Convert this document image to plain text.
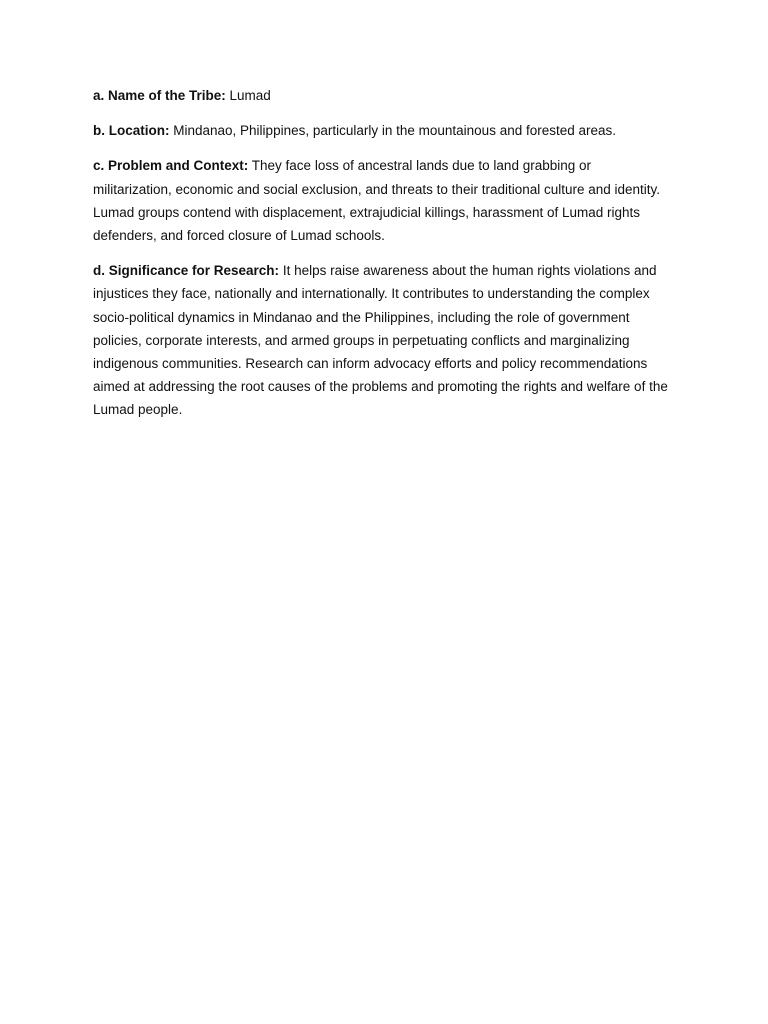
a. Name of the Tribe: Lumad

b. Location: Mindanao, Philippines, particularly in the mountainous and forested areas.

c. Problem and Context: They face loss of ancestral lands due to land grabbing or militarization, economic and social exclusion, and threats to their traditional culture and identity. Lumad groups contend with displacement, extrajudicial killings, harassment of Lumad rights defenders, and forced closure of Lumad schools.

d. Significance for Research: It helps raise awareness about the human rights violations and injustices they face, nationally and internationally. It contributes to understanding the complex socio-political dynamics in Mindanao and the Philippines, including the role of government policies, corporate interests, and armed groups in perpetuating conflicts and marginalizing indigenous communities. Research can inform advocacy efforts and policy recommendations aimed at addressing the root causes of the problems and promoting the rights and welfare of the Lumad people.
